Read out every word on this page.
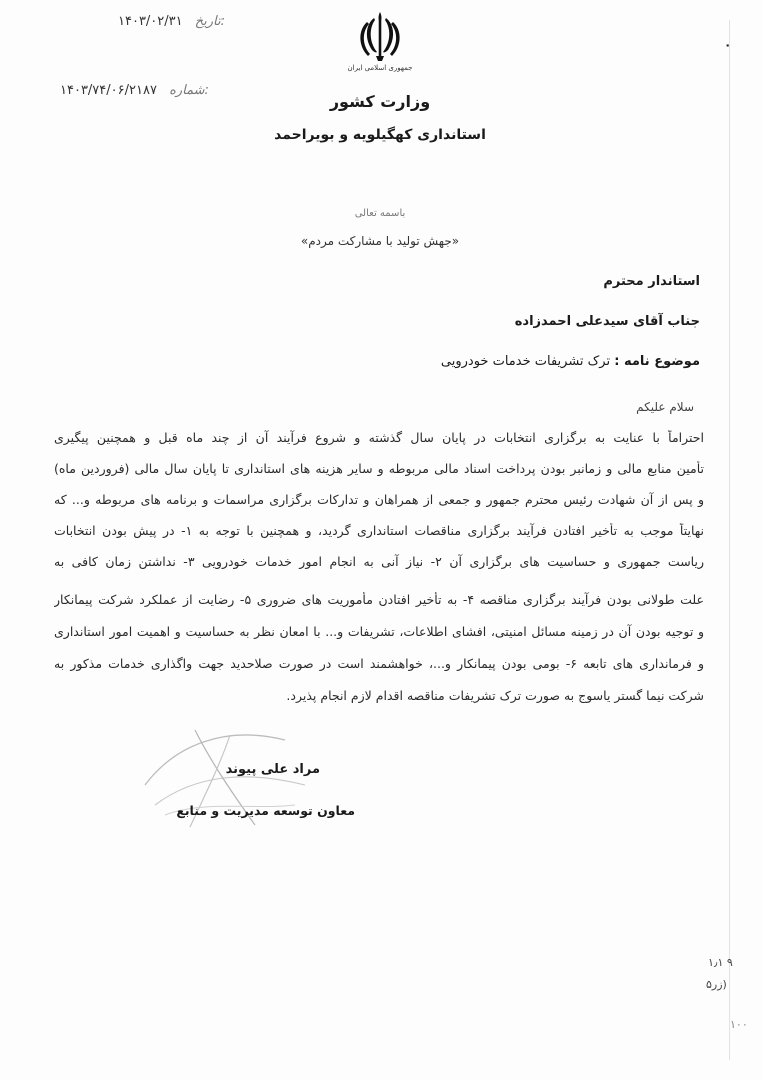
۱۴۰۳/۰۲/۳۱ تاریخ:
۱۴۰۳/۷۴/۰۶/۲۱۸۷ شماره:
۰
جمهوری اسلامی ایران
وزارت کشور
استانداری کهگیلویه و بویراحمد
باسمه تعالی
«جهش تولید با مشارکت مردم»
استاندار محترم
جناب آقای سیدعلی احمدزاده
موضوع نامه : ترک تشریفات خدمات خودرویی
سلام علیکم
احتراماً با عنایت به برگزاری انتخابات در پایان سال گذشته و شروع فرآیند آن از چند ماه قبل و همچنین پیگیری
تأمین منابع مالی و زمانبر بودن پرداخت اسناد مالی مربوطه و سایر هزینه های استانداری تا پایان سال مالی (فروردین ماه)
و پس از آن شهادت رئیس محترم جمهور و جمعی از همراهان و تدارکات برگزاری مراسمات و برنامه های مربوطه و... که
نهایتاً موجب به تأخیر افتادن فرآیند برگزاری مناقصات استانداری گردید، و همچنین با توجه به ۱- در پیش بودن انتخابات
ریاست جمهوری و حساسیت های برگزاری آن ۲- نیاز آنی به انجام امور خدمات خودرویی ۳- نداشتن زمان کافی به
علت طولانی بودن فرآیند برگزاری مناقصه ۴- به تأخیر افتادن مأموریت های ضروری ۵- رضایت از عملکرد شرکت پیمانکار
و توجیه بودن آن در زمینه مسائل امنیتی، افشای اطلاعات، تشریفات و... با امعان نظر به حساسیت و اهمیت امور استانداری
و فرمانداری های تابعه ۶- بومی بودن پیمانکار و...، خواهشمند است در صورت صلاحدید جهت واگذاری خدمات مذکور به
شرکت نیما گستر یاسوج به صورت ترک تشریفات مناقصه اقدام لازم انجام پذیرد.
مراد علی پیوند
معاون توسعه مدیریت و منابع
۱٫۱ ۹
زر۵)
۱۰۰
